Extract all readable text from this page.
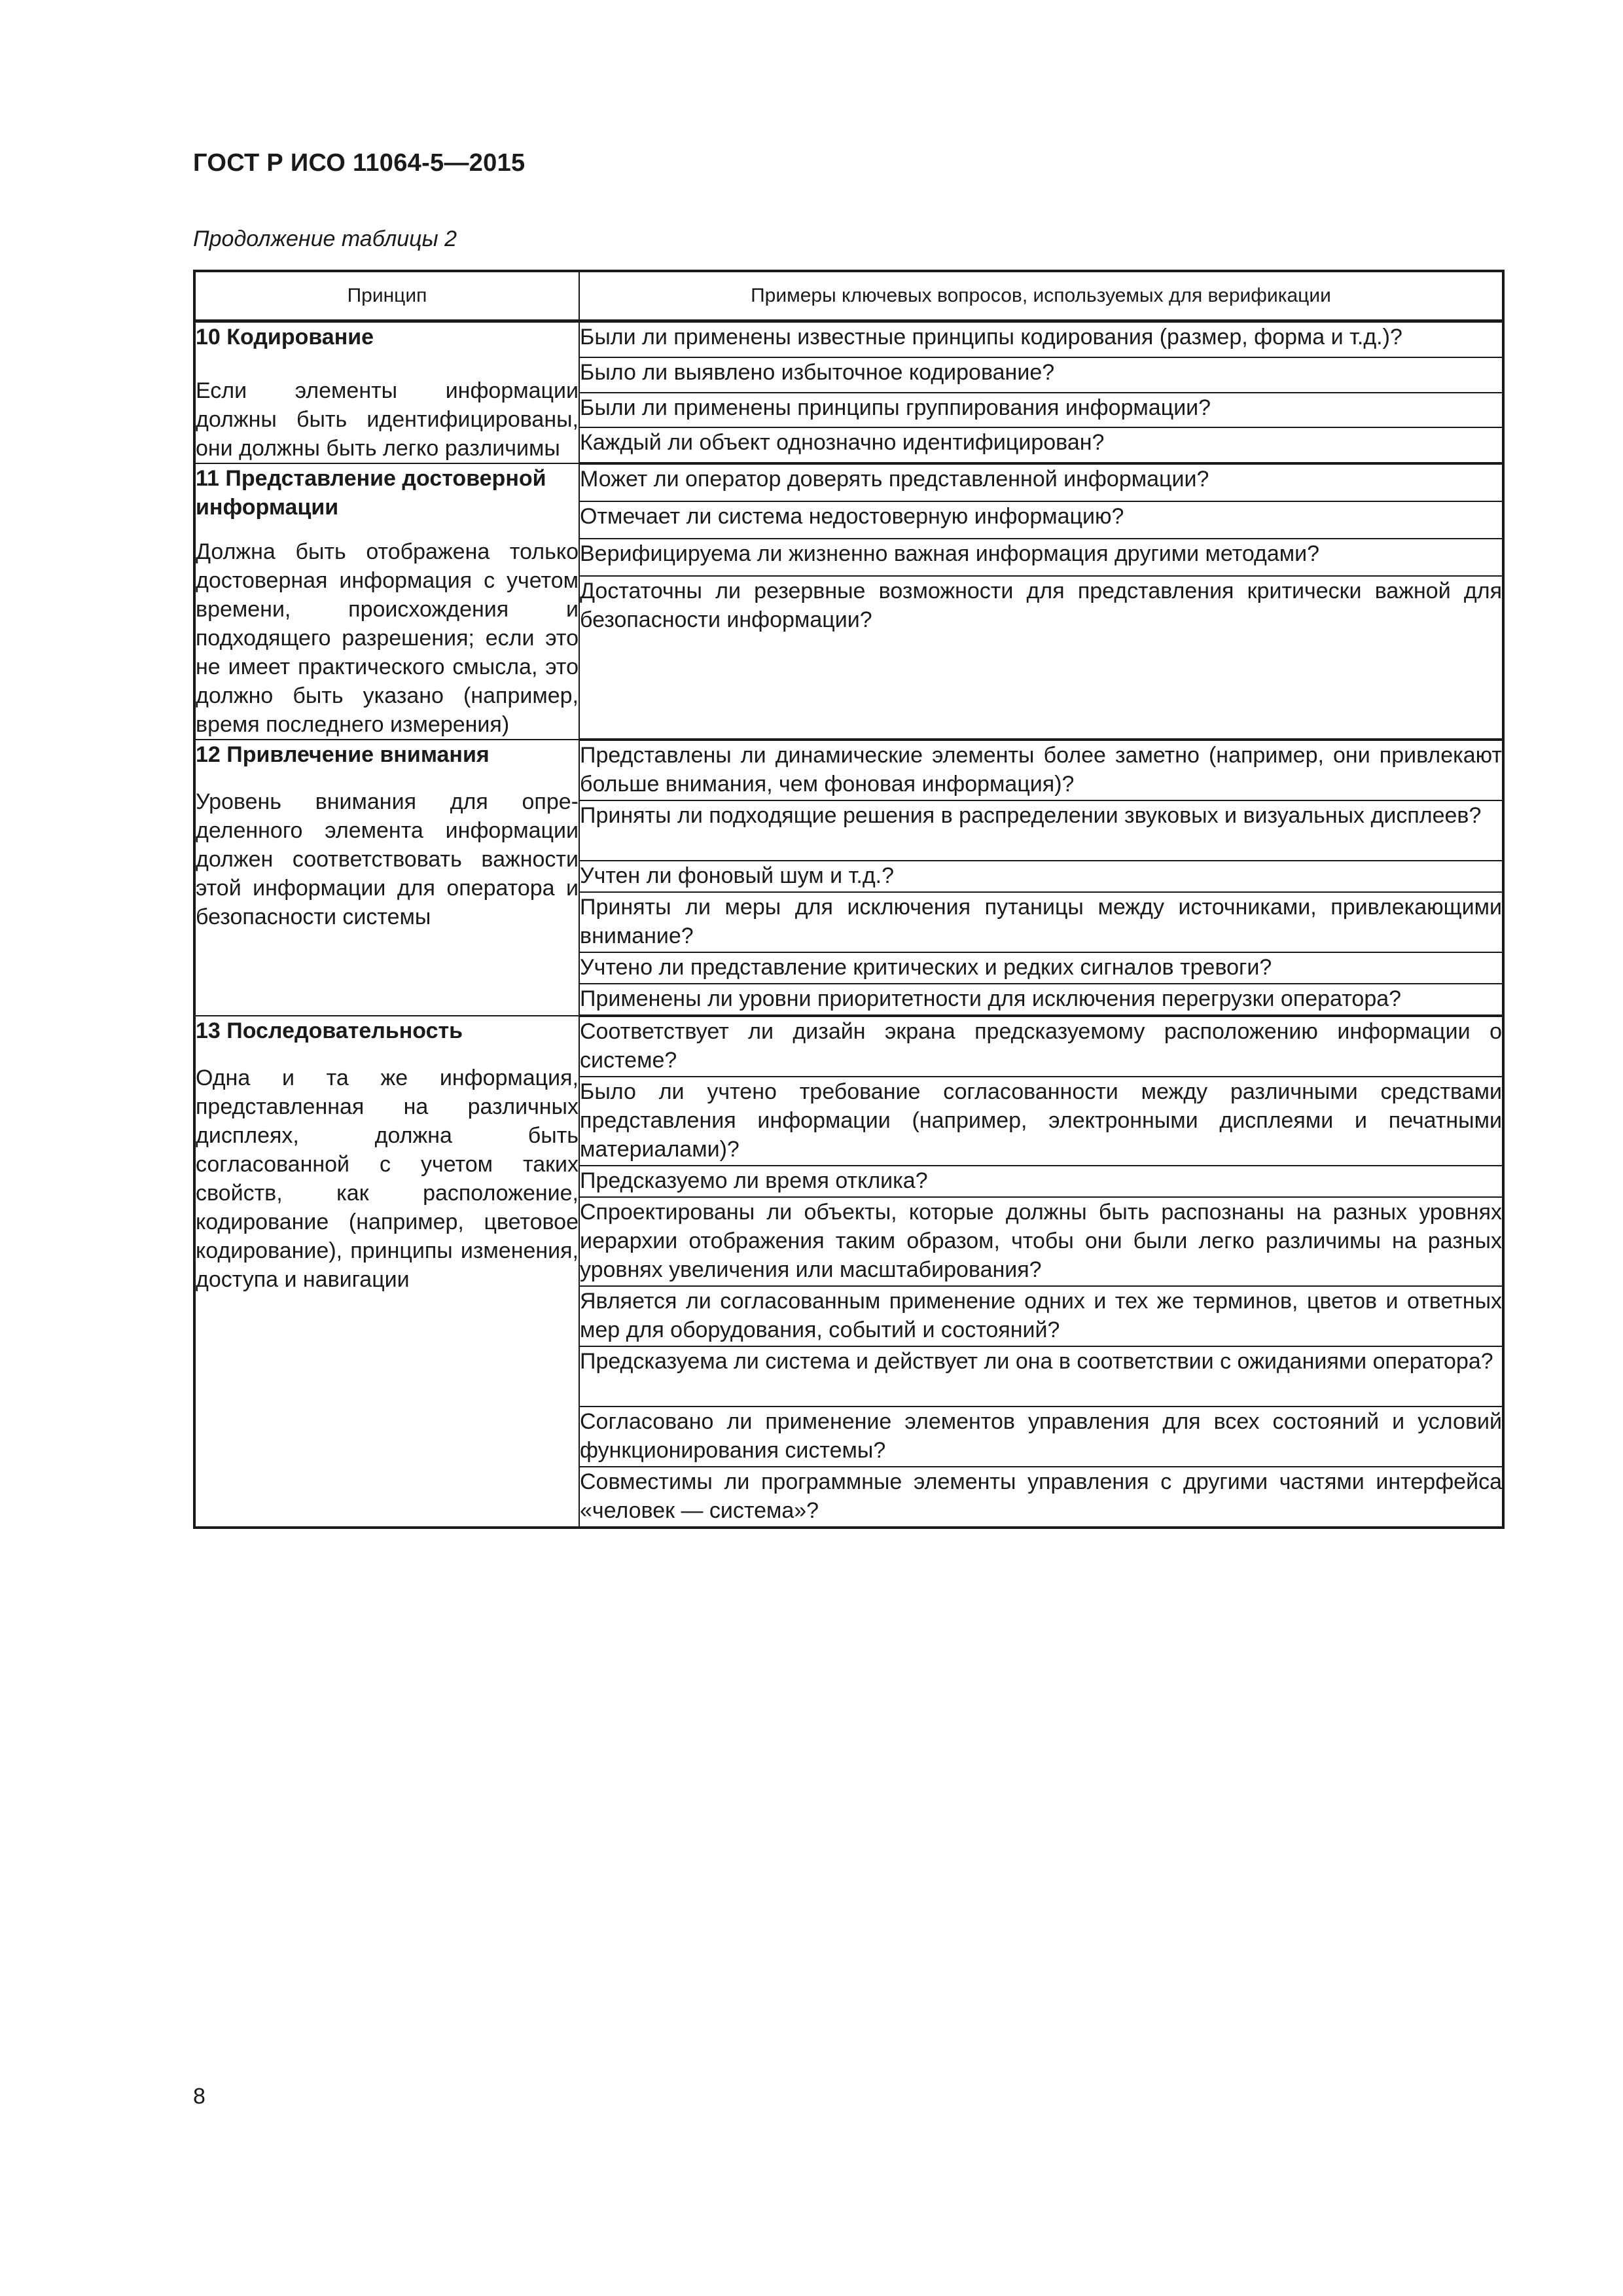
ГОСТ Р ИСО 11064-5—2015
Продолжение таблицы 2
Принцип	Примеры ключевых вопросов, используемых для верификации

10 Кодирование

Если элементы информации должны быть идентифицированы, они должны быть легко различимы	Были ли применены известные принципы кодирования (размер, форма и т.д.)?
	Было ли выявлено избыточное кодирование?
	Были ли применены принципы группирования информации?
	Каждый ли объект однозначно идентифицирован?

11 Представление достоверной информации

Должна быть отображена только достоверная информация с учетом времени, происхождения и подходящего разрешения; если это не имеет практического смысла, это должно быть указано (например, время последнего измерения)	Может ли оператор доверять представленной информации?
	Отмечает ли система недостоверную информацию?
	Верифицируема ли жизненно важная информация другими методами?
	Достаточны ли резервные возможности для представления критически важной для безопасности информации?

12 Привлечение внимания

Уровень внимания для определенного элемента информации должен соответствовать важности этой информации для оператора и безопасности системы	Представлены ли динамические элементы более заметно (например, они привлекают больше внимания, чем фоновая информация)?
	Приняты ли подходящие решения в распределении звуковых и визуальных дисплеев?
	Учтен ли фоновый шум и т.д.?
	Приняты ли меры для исключения путаницы между источниками, привлекающими внимание?
	Учтено ли представление критических и редких сигналов тревоги?
	Применены ли уровни приоритетности для исключения перегрузки оператора?

13 Последовательность

Одна и та же информация, представленная на различных дисплеях, должна быть согласованной с учетом таких свойств, как расположение, кодирование (например, цветовое кодирование), принципы изменения, доступа и навигации	Соответствует ли дизайн экрана предсказуемому расположению информации о системе?
	Было ли учтено требование согласованности между различными средствами представления информации (например, электронными дисплеями и печатными материалами)?
	Предсказуемо ли время отклика?
	Спроектированы ли объекты, которые должны быть распознаны на разных уровнях иерархии отображения таким образом, чтобы они были легко различимы на разных уровнях увеличения или масштабирования?
	Является ли согласованным применение одних и тех же терминов, цветов и ответных мер для оборудования, событий и состояний?
	Предсказуема ли система и действует ли она в соответствии с ожиданиями оператора?
	Согласовано ли применение элементов управления для всех состояний и условий функционирования системы?
	Совместимы ли программные элементы управления с другими частями интерфейса «человек — система»?
8
